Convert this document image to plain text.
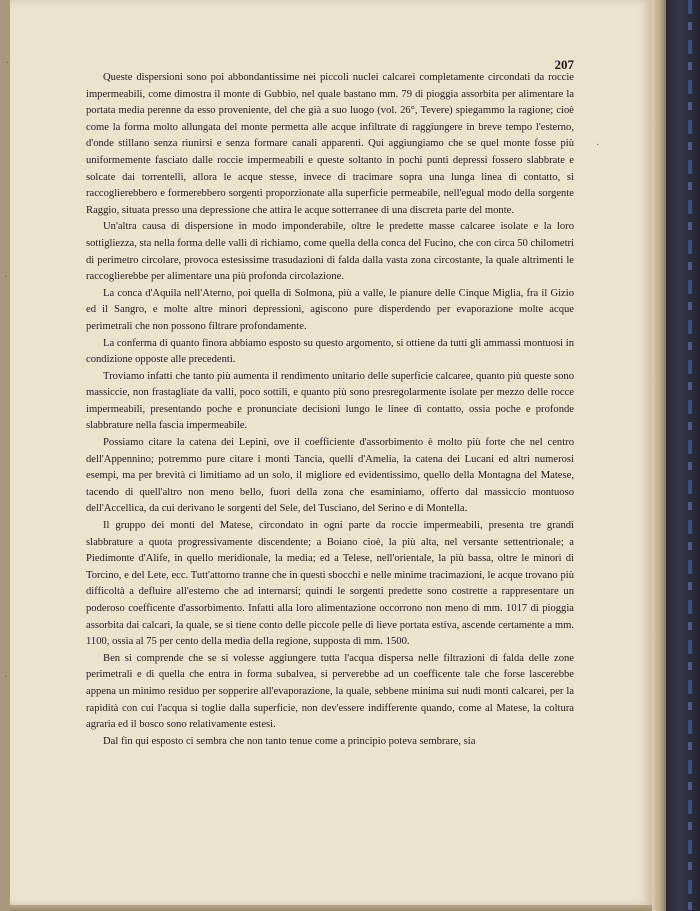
·
·
·
·
207

Queste dispersioni sono poi abbondantissime nei piccoli nuclei calcarei completamente circondati da roccie impermeabili, come dimostra il monte di Gubbio, nel quale bastano mm. 79 di pioggia assorbita per alimentare la portata media perenne da esso proveniente, del che già a suo luogo (vol. 26°, Tevere) spiegammo la ragione; cioè come la forma molto allungata del monte permetta alle acque infiltrate di raggiungere in breve tempo l'esterno, d'onde stillano senza riunirsi e senza formare canali apparenti. Qui aggiungiamo che se quel monte fosse più uniformemente fasciato dalle roccie impermeabili e queste soltanto in pochi punti depressi fossero slabbrate e solcate dai torrentelli, allora le acque stesse, invece di tracimare sopra una lunga linea di contatto, si raccoglierebbero e formerebbero sorgenti proporzionate alla superficie permeabile, nell'egual modo della sorgente Raggio, situata presso una depressione che attira le acque sotterranee di una discreta parte del monte.

Un'altra causa di dispersione in modo imponderabile, oltre le predette masse calcaree isolate e la loro sottigliezza, sta nella forma delle valli di richiamo, come quella della conca del Fucino, che con circa 50 chilometri di perimetro circolare, provoca estesissime trasudazioni di falda dalla vasta zona circostante, la quale altrimenti le raccoglierebbe per alimentare una più profonda circolazione.

La conca d'Aquila nell'Aterno, poi quella di Solmona, più a valle, le pianure delle Cinque Miglia, fra il Gizio ed il Sangro, e molte altre minori depressioni, agiscono pure disperdendo per evaporazione molte acque perimetrali che non possono filtrare profondamente.

La conferma di quanto finora abbiamo esposto su questo argomento, si ottiene da tutti gli ammassi montuosi in condizione opposte alle precedenti.

Troviamo infatti che tanto più aumenta il rendimento unitario delle superficie calcaree, quanto più queste sono massiccie, non frastagliate da valli, poco sottili, e quanto più sono presregolarmente isolate per mezzo delle rocce impermeabili, presentando poche e pronunciate decisioni lungo le linee di contatto, ossia poche e profonde slabbrature nella fascia impermeabile.

Possiamo citare la catena dei Lepini, ove il coefficiente d'assorbimento è molto più forte che nel centro dell'Appennino; potremmo pure citare i monti Tancia, quelli d'Amelia, la catena dei Lucani ed altri numerosi esempi, ma per brevità ci limitiamo ad un solo, il migliore ed evidentissimo, quello della Montagna del Matese, tacendo di quell'altro non meno bello, fuori della zona che esaminiamo, offerto dal massiccio montuoso dell'Accellica, da cui derivano le sorgenti del Sele, del Tusciano, del Serino e di Montella.

Il gruppo dei monti del Matese, circondato in ogni parte da roccie impermeabili, presenta tre grandi slabbrature a quota progressivamente discendente; a Boiano cioè, la più alta, nel versante settentrionale; a Piedimonte d'Alife, in quello meridionale, la media; ed a Telese, nell'orientale, la più bassa, oltre le minori di Torcino, e del Lete, ecc. Tutt'attorno tranne che in questi sbocchi e nelle minime tracimazioni, le acque trovano più difficoltà a defluire all'esterno che ad internarsi; quindi le sorgenti predette sono costrette a rappresentare un poderoso coefficente d'assorbimento. Infatti alla loro alimentazione occorrono non meno di mm. 1017 di pioggia assorbita dai calcari, la quale, se si tiene conto delle piccole pelle di lieve portata estiva, ascende certamente a mm. 1100, ossia al 75 per cento della media della regione, supposta di mm. 1500.

Ben si comprende che se si volesse aggiungere tutta l'acqua dispersa nelle filtrazioni di falda delle zone perimetrali e di quella che entra in forma subalvea, si perverebbe ad un coefficente tale che forse lascerebbe appena un minimo residuo per sopperire all'evaporazione, la quale, sebbene minima sui nudi monti calcarei, per la rapidità con cui l'acqua si toglie dalla superficie, non dev'essere indifferente quando, come al Matese, la coltura agraria ed il bosco sono relativamente estesi.

Dal fin qui esposto ci sembra che non tanto tenue come a principio poteva sembrare, sia
